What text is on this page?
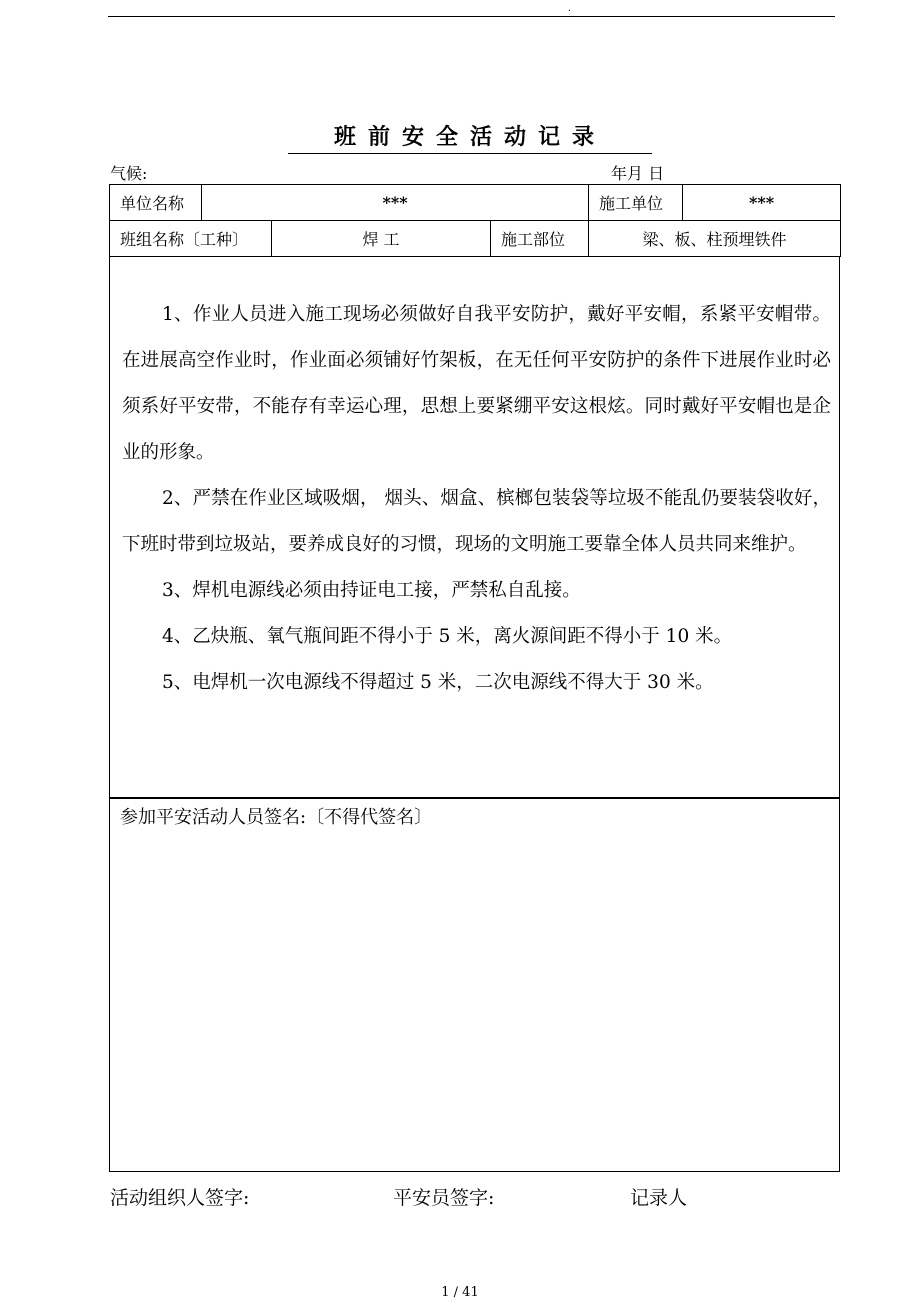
.
班前安全活动记录
气候:	年月 日
单位名称	***			施工单位	***
班组名称〔工种〕		焊 工	施工部位	梁、板、柱预埋铁件	

1、作业人员进入施工现场必须做好自我平安防护，戴好平安帽，系紧平安帽带。在进展高空作业时，作业面必须铺好竹架板，在无任何平安防护的条件下进展作业时必须系好平安带，不能存有幸运心理，思想上要紧绷平安这根炫。同时戴好平安帽也是企业的形象。

2、严禁在作业区域吸烟， 烟头、烟盒、槟榔包装袋等垃圾不能乱仍要装袋收好，下班时带到垃圾站，要养成良好的习惯，现场的文明施工要靠全体人员共同来维护。

3、焊机电源线必须由持证电工接，严禁私自乱接。

4、乙炔瓶、氧气瓶间距不得小于 5 米，离火源间距不得小于 10 米。

5、电焊机一次电源线不得超过 5 米，二次电源线不得大于 30 米。

参加平安活动人员签名:〔不得代签名〕
活动组织人签字:	平安员签字:	记录人
1 / 41
